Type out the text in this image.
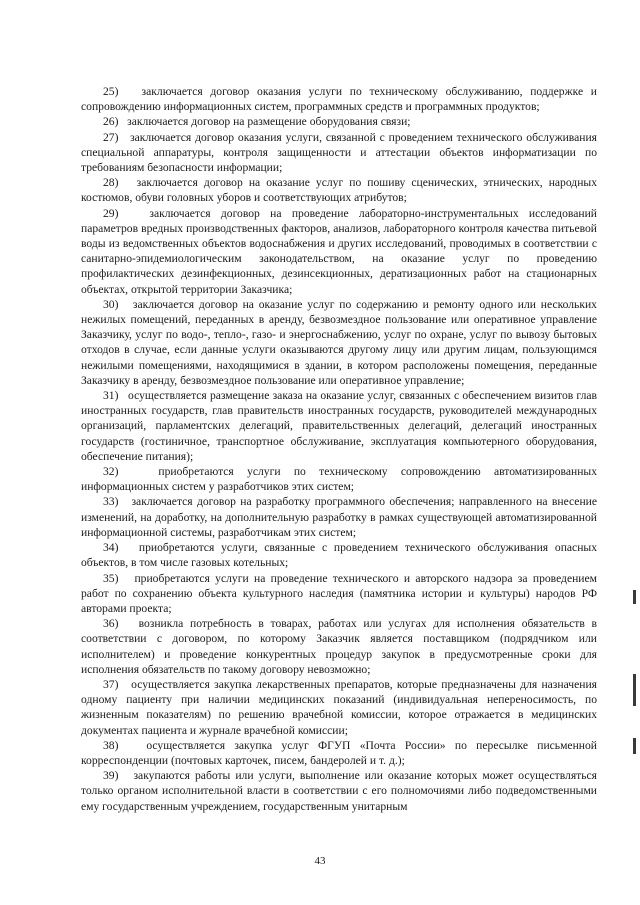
25) заключается договор оказания услуги по техническому обслуживанию, поддержке и сопровождению информационных систем, программных средств и программных продуктов;

26) заключается договор на размещение оборудования связи;

27) заключается договор оказания услуги, связанной с проведением технического обслуживания специальной аппаратуры, контроля защищенности и аттестации объектов информатизации по требованиям безопасности информации;

28) заключается договор на оказание услуг по пошиву сценических, этнических, народных костюмов, обуви головных уборов и соответствующих атрибутов;

29)	заключается договор на проведение лабораторно-инструментальных исследований параметров вредных производственных факторов, анализов, лабораторного контроля качества питьевой воды из ведомственных объектов водоснабжения и других исследований, проводимых в соответствии с санитарно-эпидемиологическим законодательством, на оказание услуг по проведению профилактических дезинфекционных, дезинсекционных, дератизационных работ на стационарных объектах, открытой территории Заказчика;

30) заключается договор на оказание услуг по содержанию и ремонту одного или нескольких нежилых помещений, переданных в аренду, безвозмездное пользование или оперативное управление Заказчику, услуг по водо-, тепло-, газо- и энергоснабжению, услуг по охране, услуг по вывозу бытовых отходов в случае, если данные услуги оказываются другому лицу или другим лицам, пользующимся нежилыми помещениями, находящимися в здании, в котором расположены помещения, переданные Заказчику в аренду, безвозмездное пользование или оперативное управление;

31) осуществляется размещение заказа на оказание услуг, связанных с обеспечением визитов глав иностранных государств, глав правительств иностранных государств, руководителей международных организаций, парламентских делегаций, правительственных делегаций, делегаций иностранных государств (гостиничное, транспортное обслуживание, эксплуатация компьютерного оборудования, обеспечение питания);

32)	приобретаются услуги по техническому сопровождению автоматизированных информационных систем у разработчиков этих систем;

33) заключается договор на разработку программного обеспечения; направленного на внесение изменений, на доработку, на дополнительную разработку в рамках существующей автоматизированной информационной системы, разработчикам этих систем;

34) приобретаются услуги, связанные с проведением технического обслуживания опасных объектов, в том числе газовых котельных;

35) приобретаются услуги на проведение технического и авторского надзора за проведением работ по сохранению объекта культурного наследия (памятника истории и культуры) народов РФ авторами проекта;

36) возникла потребность в товарах, работах или услугах для исполнения обязательств в соответствии с договором, по которому Заказчик является поставщиком (подрядчиком или исполнителем) и проведение конкурентных процедур закупок в предусмотренные сроки для исполнения обязательств по такому договору невозможно;

37) осуществляется закупка лекарственных препаратов, которые предназначены для назначения одному пациенту при наличии медицинских показаний (индивидуальная непереносимость, по жизненным показателям) по решению врачебной комиссии, которое отражается в медицинских документах пациента и журнале врачебной комиссии;

38) осуществляется закупка услуг ФГУП «Почта России» по пересылке письменной корреспонденции (почтовых карточек, писем, бандеролей и т. д.);

39) закупаются работы или услуги, выполнение или оказание которых может осуществляться только органом исполнительной власти в соответствии с его полномочиями либо подведомственными ему государственным учреждением, государственным унитарным

43
